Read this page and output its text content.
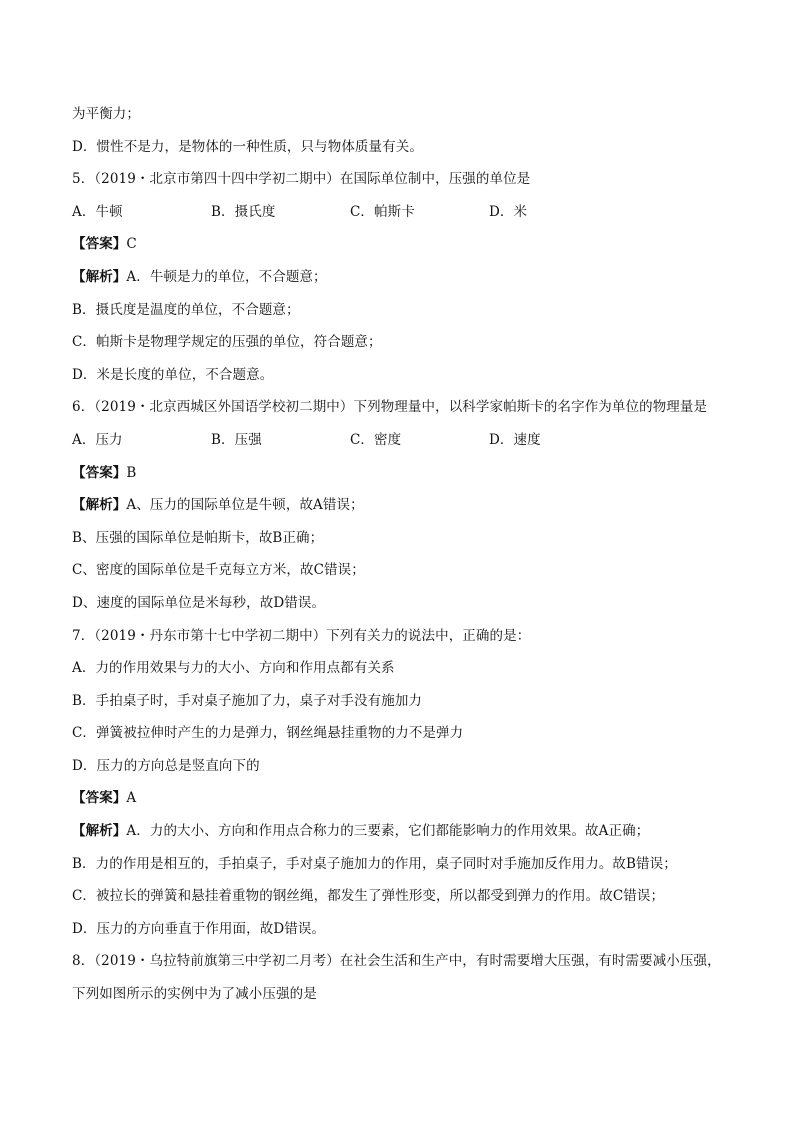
为平衡力；
D．惯性不是力，是物体的一种性质，只与物体质量有关。
5．（2019・北京市第四十四中学初二期中）在国际单位制中，压强的单位是
A．牛顿	B．摄氏度	C．帕斯卡	D．米
【答案】C
【解析】A．牛顿是力的单位，不合题意；
B．摄氏度是温度的单位，不合题意；
C．帕斯卡是物理学规定的压强的单位，符合题意；
D．米是长度的单位，不合题意。
6．（2019・北京西城区外国语学校初二期中）下列物理量中，以科学家帕斯卡的名字作为单位的物理量是
A．压力	B．压强	C．密度	D．速度
【答案】B
【解析】A、压力的国际单位是牛顿，故A错误；
B、压强的国际单位是帕斯卡，故B正确；
C、密度的国际单位是千克每立方米，故C错误；
D、速度的国际单位是米每秒，故D错误。
7．（2019・丹东市第十七中学初二期中）下列有关力的说法中，正确的是：
A．力的作用效果与力的大小、方向和作用点都有关系
B．手拍桌子时，手对桌子施加了力，桌子对手没有施加力
C．弹簧被拉伸时产生的力是弹力，钢丝绳悬挂重物的力不是弹力
D．压力的方向总是竖直向下的
【答案】A
【解析】A．力的大小、方向和作用点合称力的三要素，它们都能影响力的作用效果。故A正确；
B．力的作用是相互的，手拍桌子，手对桌子施加力的作用，桌子同时对手施加反作用力。故B错误；
C．被拉长的弹簧和悬挂着重物的钢丝绳，都发生了弹性形变，所以都受到弹力的作用。故C错误；
D．压力的方向垂直于作用面，故D错误。
8．（2019・乌拉特前旗第三中学初二月考）在社会生活和生产中，有时需要增大压强，有时需要减小压强，
下列如图所示的实例中为了减小压强的是
